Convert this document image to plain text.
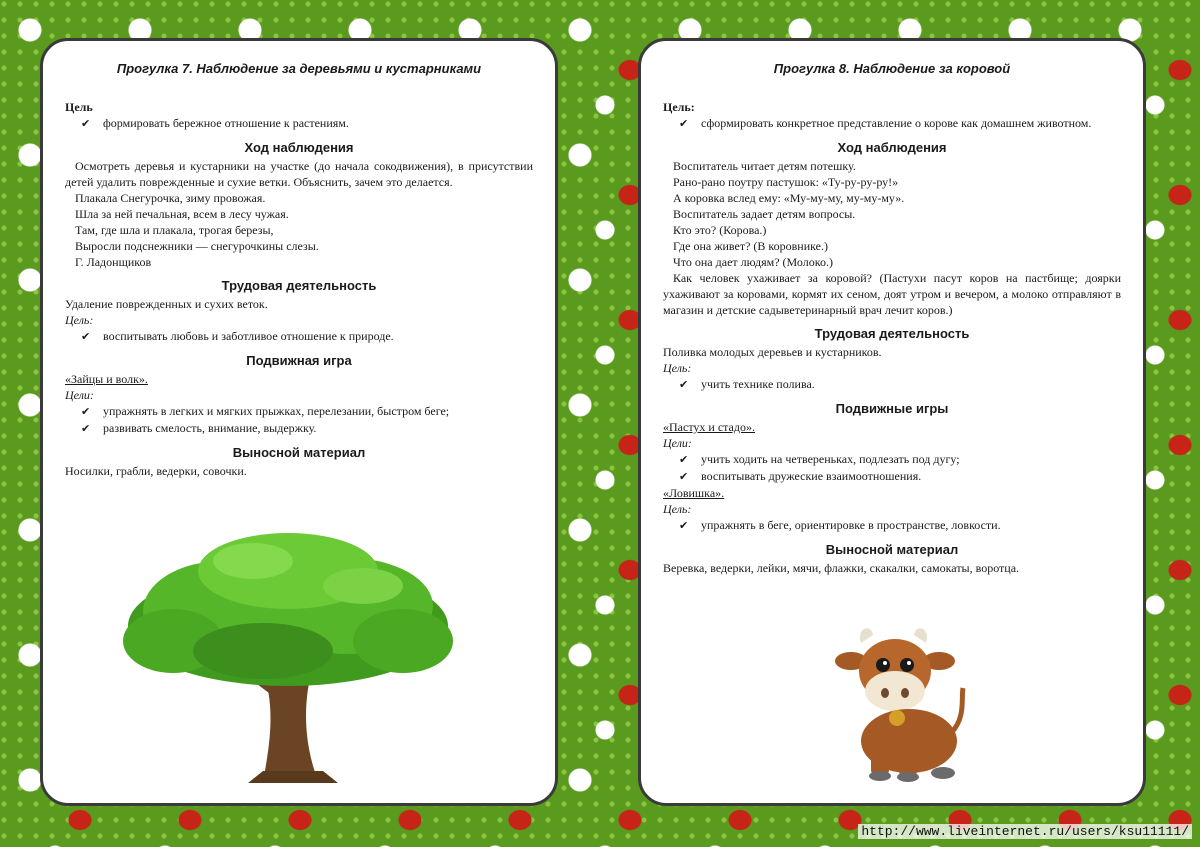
Прогулка 7. Наблюдение за деревьями и кустарниками
Цель
✔ формировать бережное отношение к растениям.
Ход наблюдения
Осмотреть деревья и кустарники на участке (до начала сокодвижения), в присутствии детей удалить поврежденные и сухие ветки. Объяснить, зачем это делается.
Плакала Снегурочка, зиму провожая.
Шла за ней печальная, всем в лесу чужая.
Там, где шла и плакала, трогая березы,
Выросли подснежники — снегурочкины слезы.
Г. Ладонщиков
Трудовая деятельность
Удаление поврежденных и сухих веток.
Цель:
✔ воспитывать любовь и заботливое отношение к природе.
Подвижная игра
«Зайцы и волк».
Цели:
✔ упражнять в легких и мягких прыжках, перелезании, быстром беге;
✔ развивать смелость, внимание, выдержку.
Выносной материал
Носилки, грабли, ведерки, совочки.
Прогулка 8. Наблюдение за коровой
Цель:
✔ сформировать конкретное представление о корове как домашнем животном.
Ход наблюдения
Воспитатель читает детям потешку.
Рано-рано поутру пастушок: «Ту-ру-ру-ру!»
А коровка вслед ему: «Му-му-му, му-му-му».
Воспитатель задает детям вопросы.
Кто это? (Корова.)
Где она живет? (В коровнике.)
Что она дает людям? (Молоко.)
Как человек ухаживает за коровой? (Пастухи пасут коров на пастбище; доярки ухаживают за коровами, кормят их сеном, доят утром и вечером, а молоко отправляют в магазин и детские садыветеринарный врач лечит коров.)
Трудовая деятельность
Поливка молодых деревьев и кустарников.
Цель:
✔ учить технике полива.
Подвижные игры
«Пастух и стадо».
Цели:
✔ учить ходить на четвереньках, подлезать под дугу;
✔ воспитывать дружеские взаимоотношения.
«Ловишка».
Цель:
✔ упражнять в беге, ориентировке в пространстве, ловкости.
Выносной материал
Веревка, ведерки, лейки, мячи, флажки, скакалки, самокаты, воротца.
http://www.liveinternet.ru/users/ksu11111/
